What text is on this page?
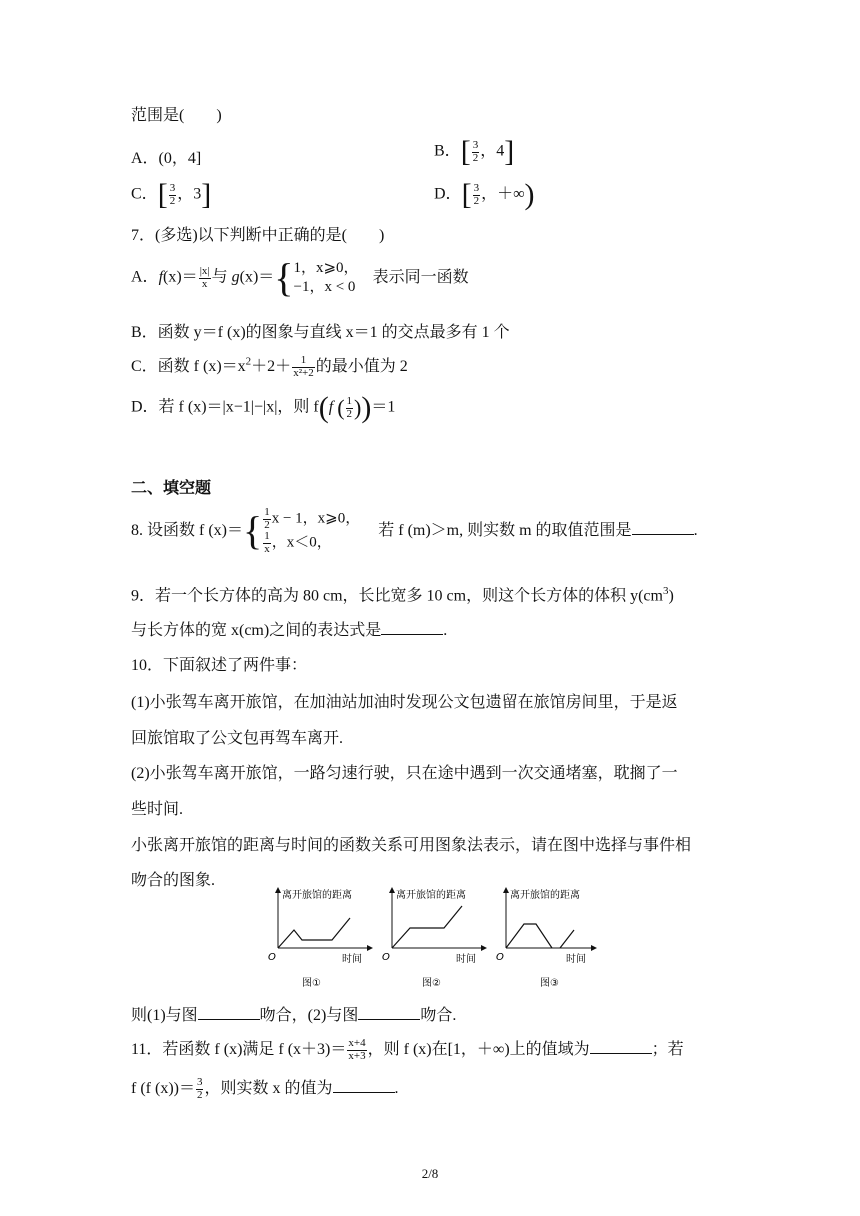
范围是(　　)
A．(0，4]	B．[ $\frac{3}{2}$ ，4]
C．[ $\frac{3}{2}$ ，3]	D．[ $\frac{3}{2}$ ，＋∞)
7．(多选)以下判断中正确的是(　　)
A．$f(x)= \frac{|x|}{x}$ 与 g(x)＝{ 1，x⩾0，
−1，x < 0
表示同一函数
B．函数 y＝f (x)的图象与直线 x＝1 的交点最多有 1 个
C．函数 f $(x)=x^2+2+ \frac{1}{\text{x²+2}}$ 的最小值为 2
D．若 f (x)＝|x−1|−|x|，则 f(f ( $\frac{1}{2} ))=1$
二、填空题
8. 设函数 f $(x)=\{ \frac{1}{2}$ x − 1，x⩾0，
$\frac{1}{x}$ ，x＜0，
若 f (m)＞m, 则实数 m 的取值范围是	.
9．若一个长方体的高为 80 cm，长比宽多 10 cm，则这个长方体的体积 $y(cm^3)$
与长方体的宽 x(cm)之间的表达式是	.
10．下面叙述了两件事：
(1)小张驾车离开旅馆，在加油站加油时发现公文包遗留在旅馆房间里，于是返
回旅馆取了公文包再驾车离开.
(2)小张驾车离开旅馆，一路匀速行驶，只在途中遇到一次交通堵塞，耽搁了一
些时间.
小张离开旅馆的距离与时间的函数关系可用图象法表示，请在图中选择与事件相
吻合的图象.
O
离开旅馆的距离
时间
图①
O
离开旅馆的距离
时间
图②
O
离开旅馆的距离
时间
图③
则(1)与图	吻合，(2)与图	吻合.
11．若函数 f (x)满足 f $(x+3)= \frac{x+4}{x+3}$ ，则 f (x)在[1，＋∞)上的值域为	；若
f (f $(x))= \frac{3}{2}$ ，则实数 x 的值为	.
2/8
